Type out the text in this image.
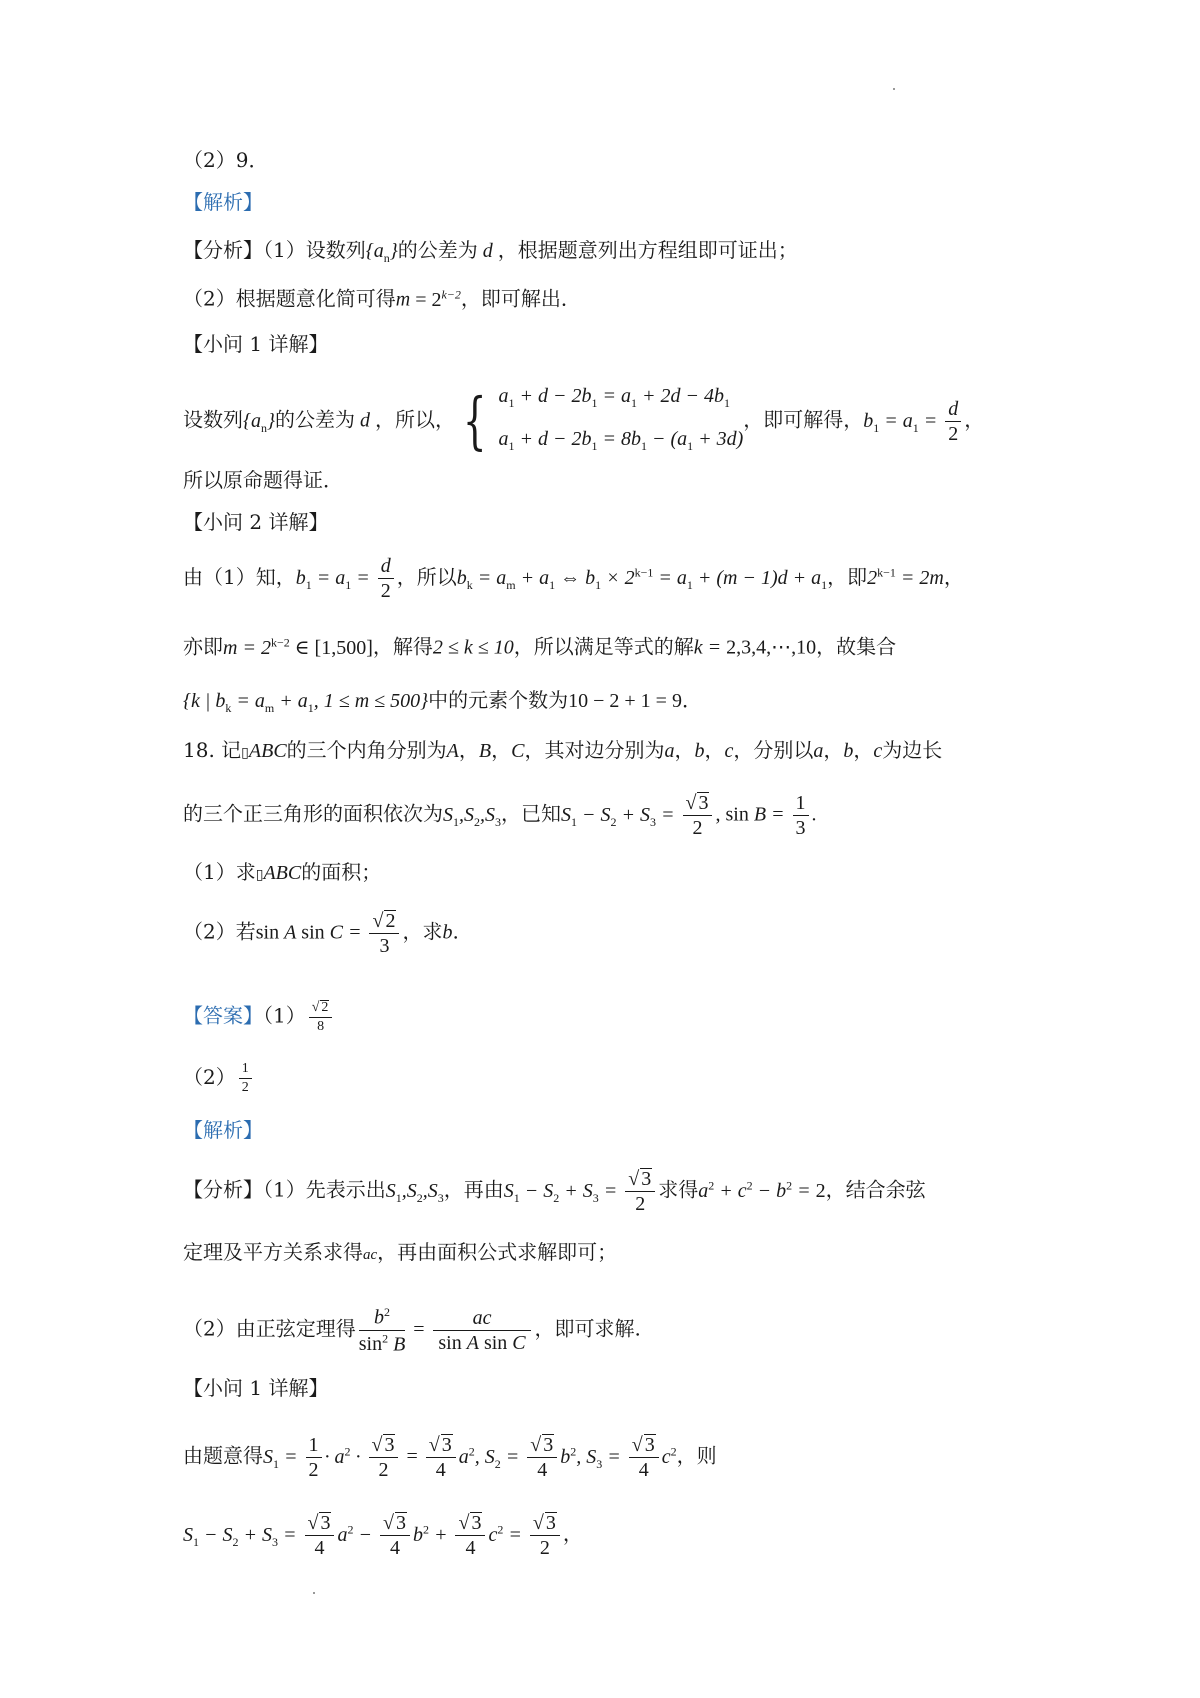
（2）9．
【解析】
【分析】（1）设数列$\{a_n\}$的公差为 d ，根据题意列出方程组即可证出；
（2）根据题意化简可得$m = 2^{k-2}$，即可解出．
【小问 1 详解】
设数列$\{a_n\}$的公差为 d ，所以， { $a_1 + d - 2b_1 = a_1 + 2d - 4b_1$
$a_1 + d - 2b_1 = 8b_1 - (a_1 + 3d)$，即可解得，$b_1 = a_1 = \frac{d}{2}$ ，
所以原命题得证．
【小问 2 详解】
由（1）知，$b_1 = a_1 = \frac{d}{2}$ ，所以$b_k = a_m + a_1$ ⇔ $b_1 \times 2^{k-1} = a_1 + (m - 1)d + a_1$，即$2^{k-1} = 2m$，
亦即$m = 2^{k-2}$ ∈ [1,500]，解得2 ≤ k ≤ 10，所以满足等式的解k = 2,3,4,⋯,10，故集合
{k | $b_k = a_m + a_1$, 1 ≤ m ≤ 500}中的元素个数为10 − 2 + 1 = 9．
18. 记▯ABC的三个内角分别为A，B，C，其对边分别为a，b，c，分别以a，b，c为边长
的三个正三角形的面积依次为$S_1,S_2,S_3$，已知$S_1 - S_2 + S_3 = \frac{√ 3}{2}$ , $\sin B = \frac{1}{3}$ .
（1）求▯ABC的面积；
（2）若sin A $\sin C = \frac{√ 2}{3}$ ，求b.
【答案】$(1) \frac{√ 2}{8}$
$(2) \frac{1}{2}$
【解析】
【分析】（1）先表示出$S_1,S_2,S_3$，再由$S_1 - S_2 + S_3 = \frac{√ 3}{2}$ 求得$a^2 + c^2 - b^2 = 2$，结合余弦
定理及平方关系求得ac，再由面积公式求解即可；
（2）由正弦定理得 $\frac{b^2}{\sin^2 B} = \frac{ac}{\text{sin A sin C}}$ ，即可求解.
【小问 1 详解】
由题意得$S_1 = \frac{1}{2} \cdot a^2 \cdot \frac{√ 3}{2} = \frac{√ 3}{4} a^2$, $S_2 = \frac{√ 3}{4} b^2$, $S_3 = \frac{√ 3}{4} c^2$，则
$S_1 - S_2 + S_3 = \frac{√ 3}{4} a^2 - \frac{√ 3}{4} b^2 + \frac{√ 3}{4} c^2 = \frac{√ 3}{2}$ ，
